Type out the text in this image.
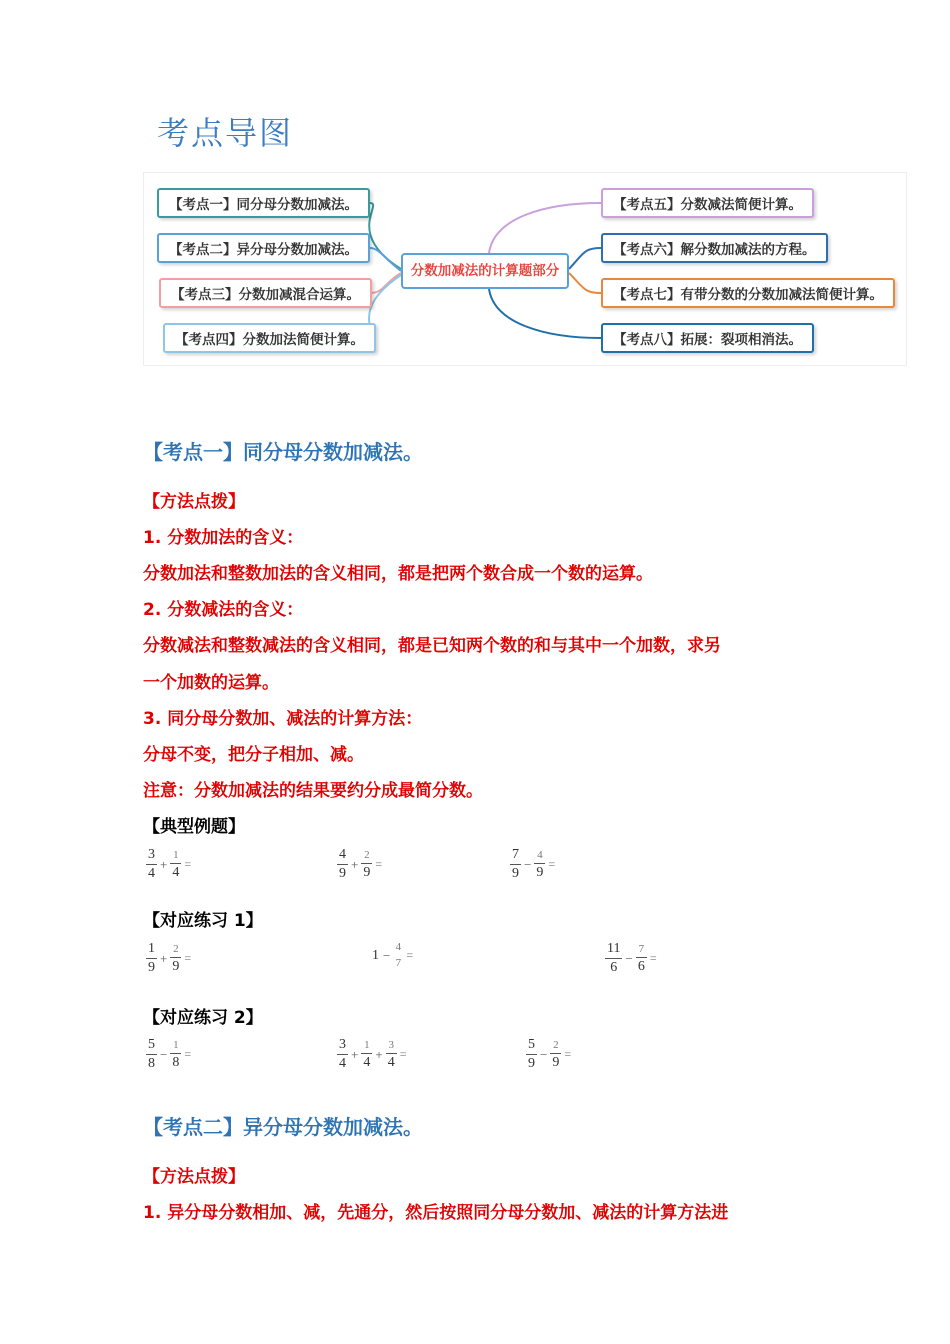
考点导图
分数加减法的计算题部分
【考点一】同分母分数加减法。
【考点二】异分母分数加减法。
【考点三】分数加减混合运算。
【考点四】分数加法简便计算。
【考点五】分数减法简便计算。
【考点六】解分数加减法的方程。
【考点七】有带分数的分数加减法简便计算。
【考点八】拓展：裂项相消法。
【考点一】同分母分数加减法。
【方法点拨】
1. 分数加法的含义：
分数加法和整数加法的含义相同，都是把两个数合成一个数的运算。
2. 分数减法的含义：
分数减法和整数减法的含义相同，都是已知两个数的和与其中一个加数，求另
一个加数的运算。
3. 同分母分数加、减法的计算方法：
分母不变，把分子相加、减。
注意：分数加减法的结果要约分成最简分数。
【典型例题】
$\frac{3}{4} + \frac{1}{4}$ =	$\frac{4}{9} + \frac{2}{9}$ =	$\frac{7}{9} - \frac{4}{9}$ =
【对应练习 1】
$\frac{1}{9} + \frac{2}{9}$ =	1 −
4
7
=	$\frac{11}{6} - \frac{7}{6}$ =
【对应练习 2】
$\frac{5}{8} - \frac{1}{8}$ =	$\frac{3}{4} + \frac{1}{4} + \frac{3}{4}$ =	$\frac{5}{9} - \frac{2}{9}$ =
【考点二】异分母分数加减法。
【方法点拨】
1. 异分母分数相加、减，先通分，然后按照同分母分数加、减法的计算方法进
